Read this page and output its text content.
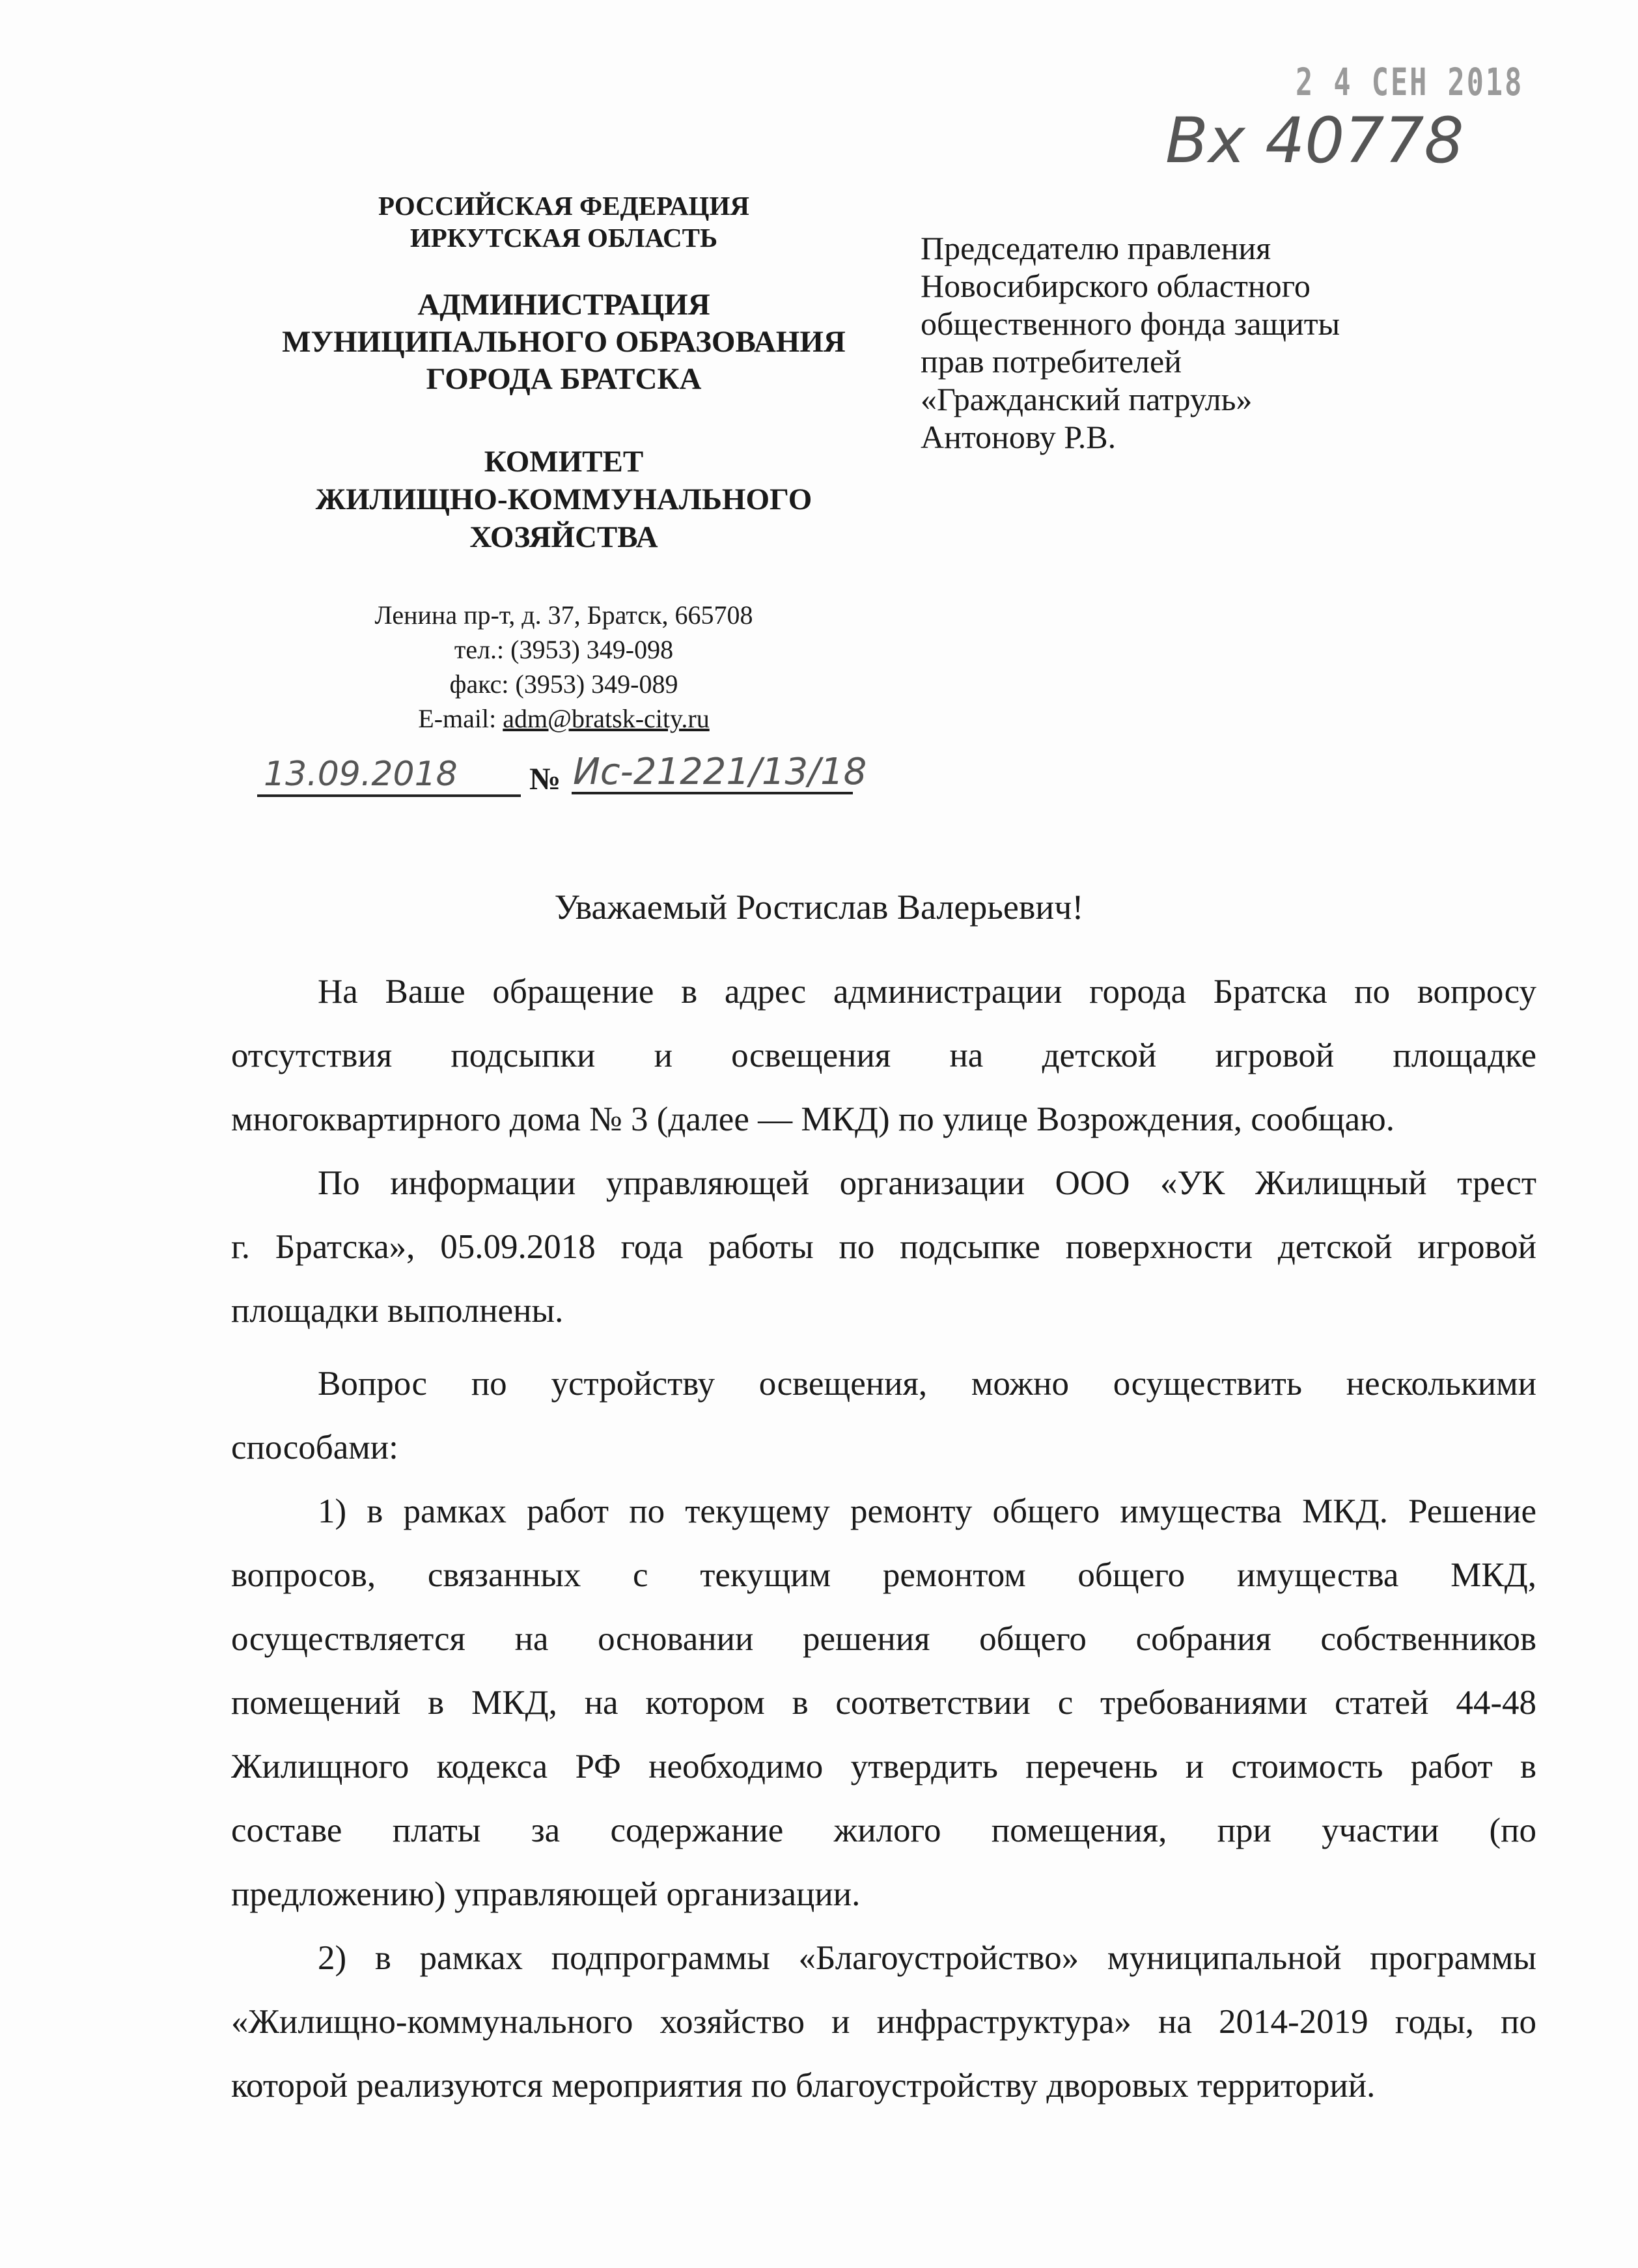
2 4 СЕН 2018
Вх 40778
РОССИЙСКАЯ ФЕДЕРАЦИЯ
ИРКУТСКАЯ ОБЛАСТЬ
АДМИНИСТРАЦИЯ
МУНИЦИПАЛЬНОГО ОБРАЗОВАНИЯ
ГОРОДА БРАТСКА
КОМИТЕТ
ЖИЛИЩНО-КОММУНАЛЬНОГО
ХОЗЯЙСТВА
Ленина пр-т, д. 37, Братск, 665708
тел.: (3953) 349-098
факс: (3953) 349-089
E-mail: adm@bratsk-city.ru
13.09.2018 № Ис-21221/13/18
Председателю правления
Новосибирского областного
общественного фонда защиты
прав потребителей
«Гражданский патруль»
Антонову Р.В.
Уважаемый Ростислав Валерьевич!
На Ваше обращение в адрес администрации города Братска по вопросу
отсутствия подсыпки и освещения на детской игровой площадке
многоквартирного дома № 3 (далее — МКД) по улице Возрождения, сообщаю.
По информации управляющей организации ООО «УК Жилищный трест
г. Братска», 05.09.2018 года работы по подсыпке поверхности детской игровой
площадки выполнены.
Вопрос по устройству освещения, можно осуществить несколькими
способами:
1) в рамках работ по текущему ремонту общего имущества МКД. Решение
вопросов, связанных с текущим ремонтом общего имущества МКД,
осуществляется на основании решения общего собрания собственников
помещений в МКД, на котором в соответствии с требованиями статей 44-48
Жилищного кодекса РФ необходимо утвердить перечень и стоимость работ в
составе платы за содержание жилого помещения, при участии (по
предложению) управляющей организации.
2) в рамках подпрограммы «Благоустройство» муниципальной программы
«Жилищно-коммунального хозяйство и инфраструктура» на 2014-2019 годы, по
которой реализуются мероприятия по благоустройству дворовых территорий.
